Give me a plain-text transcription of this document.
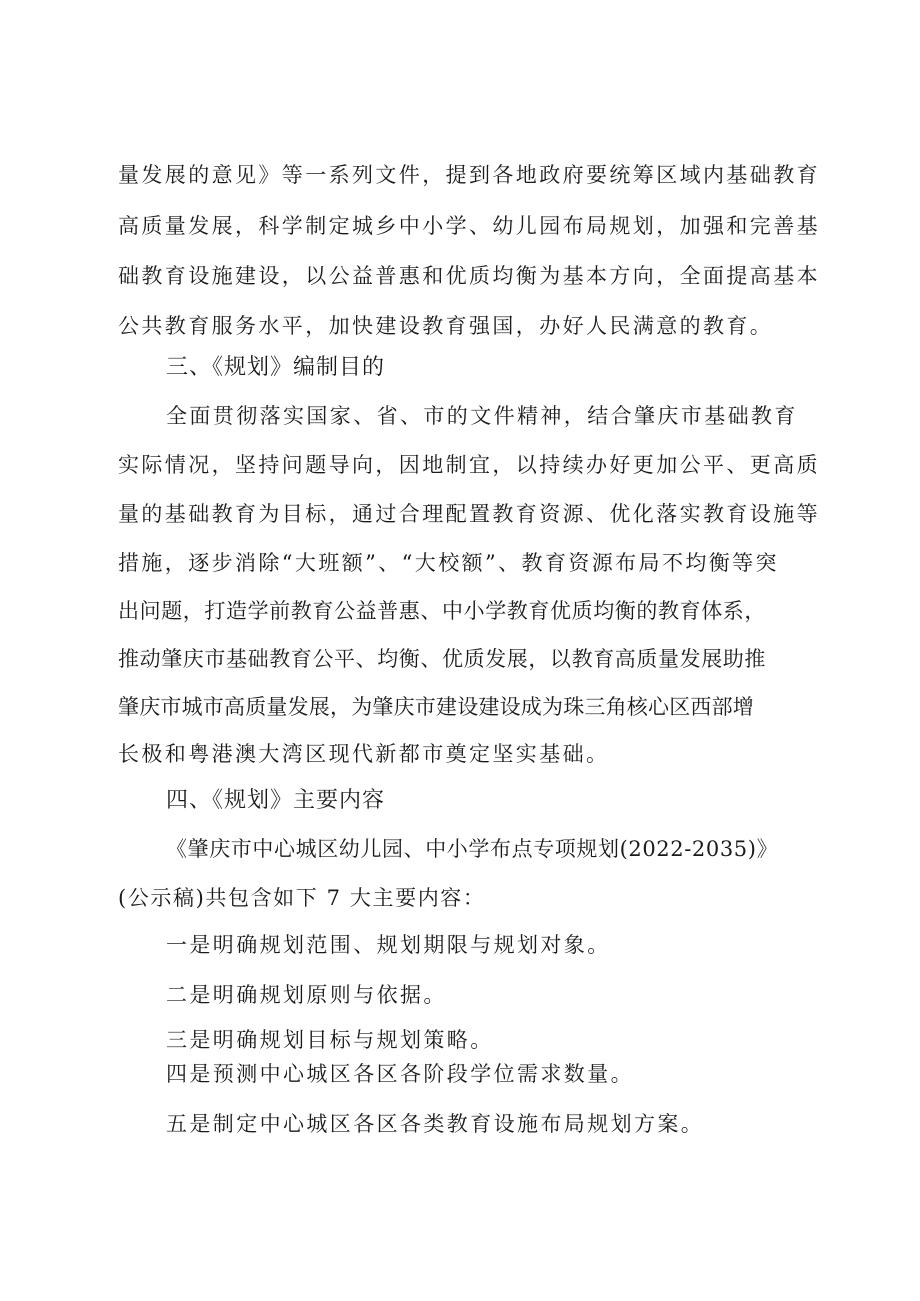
量发展的意见》等一系列文件，提到各地政府要统筹区域内基础教育
高质量发展，科学制定城乡中小学、幼儿园布局规划，加强和完善基
础教育设施建设，以公益普惠和优质均衡为基本方向，全面提高基本
公共教育服务水平，加快建设教育强国，办好人民满意的教育。
三、《规划》编制目的
全面贯彻落实国家、省、市的文件精神，结合肇庆市基础教育
实际情况，坚持问题导向，因地制宜，以持续办好更加公平、更高质
量的基础教育为目标，通过合理配置教育资源、优化落实教育设施等
措施，逐步消除“大班额”、“大校额”、教育资源布局不均衡等突
出问题，打造学前教育公益普惠、中小学教育优质均衡的教育体系，
推动肇庆市基础教育公平、均衡、优质发展，以教育高质量发展助推
肇庆市城市高质量发展，为肇庆市建设建设成为珠三角核心区西部增
长极和粤港澳大湾区现代新都市奠定坚实基础。
四、《规划》主要内容
《肇庆市中心城区幼儿园、中小学布点专项规划(2022-2035)》
(公示稿)共包含如下 7 大主要内容：
一是明确规划范围、规划期限与规划对象。
二是明确规划原则与依据。
三是明确规划目标与规划策略。
四是预测中心城区各区各阶段学位需求数量。
五是制定中心城区各区各类教育设施布局规划方案。
